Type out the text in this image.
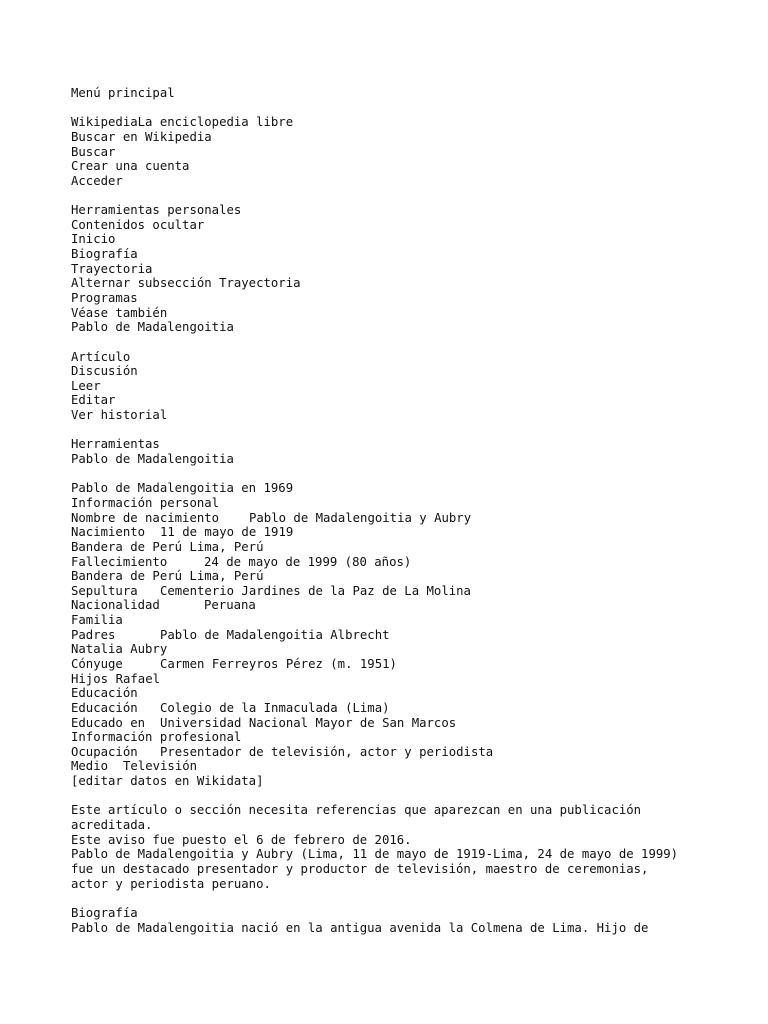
Menú principal
WikipediaLa enciclopedia libre
Buscar en Wikipedia
Buscar
Crear una cuenta
Acceder
Herramientas personales
Contenidos ocultar
Inicio
Biografía
Trayectoria
Alternar subsección Trayectoria
Programas
Véase también
Pablo de Madalengoitia
Artículo
Discusión
Leer
Editar
Ver historial
Herramientas
Pablo de Madalengoitia
Pablo de Madalengoitia en 1969
Información personal
Nombre de nacimiento Pablo de Madalengoitia y Aubry
Nacimiento 11 de mayo de 1919
Bandera de Perú Lima, Perú
Fallecimiento	24 de mayo de 1999 (80 años)
Bandera de Perú Lima, Perú
Sepultura Cementerio Jardines de la Paz de La Molina
Nacionalidad	Peruana
Familia
Padres	Pablo de Madalengoitia Albrecht
Natalia Aubry
Cónyuge	Carmen Ferreyros Pérez (m. 1951)
Hijos Rafael
Educación
Educación Colegio de la Inmaculada (Lima)
Educado en Universidad Nacional Mayor de San Marcos
Información profesional
Ocupación Presentador de televisión, actor y periodista
Medio Televisión
[editar datos en Wikidata]
Este artículo o sección necesita referencias que aparezcan en una publicación
acreditada.
Este aviso fue puesto el 6 de febrero de 2016.
Pablo de Madalengoitia y Aubry (Lima, 11 de mayo de 1919-Lima, 24 de mayo de 1999)
fue un destacado presentador y productor de televisión, maestro de ceremonias,
actor y periodista peruano.
Biografía
Pablo de Madalengoitia nació en la antigua avenida la Colmena de Lima. Hijo de
